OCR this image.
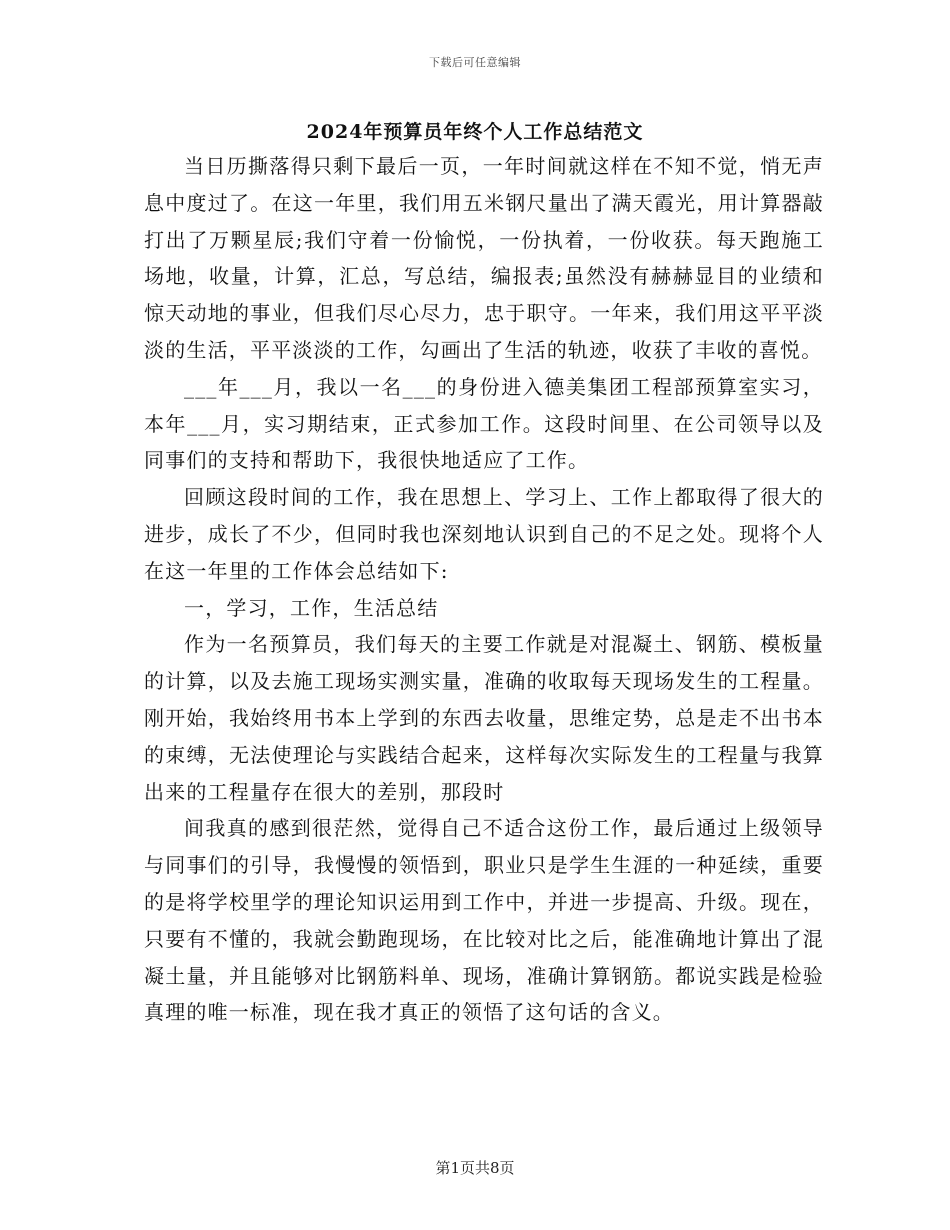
下载后可任意编辑
2024年预算员年终个人工作总结范文

当日历撕落得只剩下最后一页，一年时间就这样在不知不觉，悄无声息中度过了。在这一年里，我们用五米钢尺量出了满天霞光，用计算器敲打出了万颗星辰;我们守着一份愉悦，一份执着，一份收获。每天跑施工场地，收量，计算，汇总，写总结，编报表;虽然没有赫赫显目的业绩和惊天动地的事业，但我们尽心尽力，忠于职守。一年来，我们用这平平淡淡的生活，平平淡淡的工作，勾画出了生活的轨迹，收获了丰收的喜悦。

___年___月，我以一名___的身份进入德美集团工程部预算室实习，本年___月，实习期结束，正式参加工作。这段时间里、在公司领导以及同事们的支持和帮助下，我很快地适应了工作。

回顾这段时间的工作，我在思想上、学习上、工作上都取得了很大的进步，成长了不少，但同时我也深刻地认识到自己的不足之处。现将个人在这一年里的工作体会总结如下:

一，学习，工作，生活总结

作为一名预算员，我们每天的主要工作就是对混凝土、钢筋、模板量的计算，以及去施工现场实测实量，准确的收取每天现场发生的工程量。刚开始，我始终用书本上学到的东西去收量，思维定势，总是走不出书本的束缚，无法使理论与实践结合起来，这样每次实际发生的工程量与我算出来的工程量存在很大的差别，那段时

间我真的感到很茫然，觉得自己不适合这份工作，最后通过上级领导与同事们的引导，我慢慢的领悟到，职业只是学生生涯的一种延续，重要的是将学校里学的理论知识运用到工作中，并进一步提高、升级。现在，只要有不懂的，我就会勤跑现场，在比较对比之后，能准确地计算出了混凝土量，并且能够对比钢筋料单、现场，准确计算钢筋。都说实践是检验真理的唯一标准，现在我才真正的领悟了这句话的含义。

第1页共8页
